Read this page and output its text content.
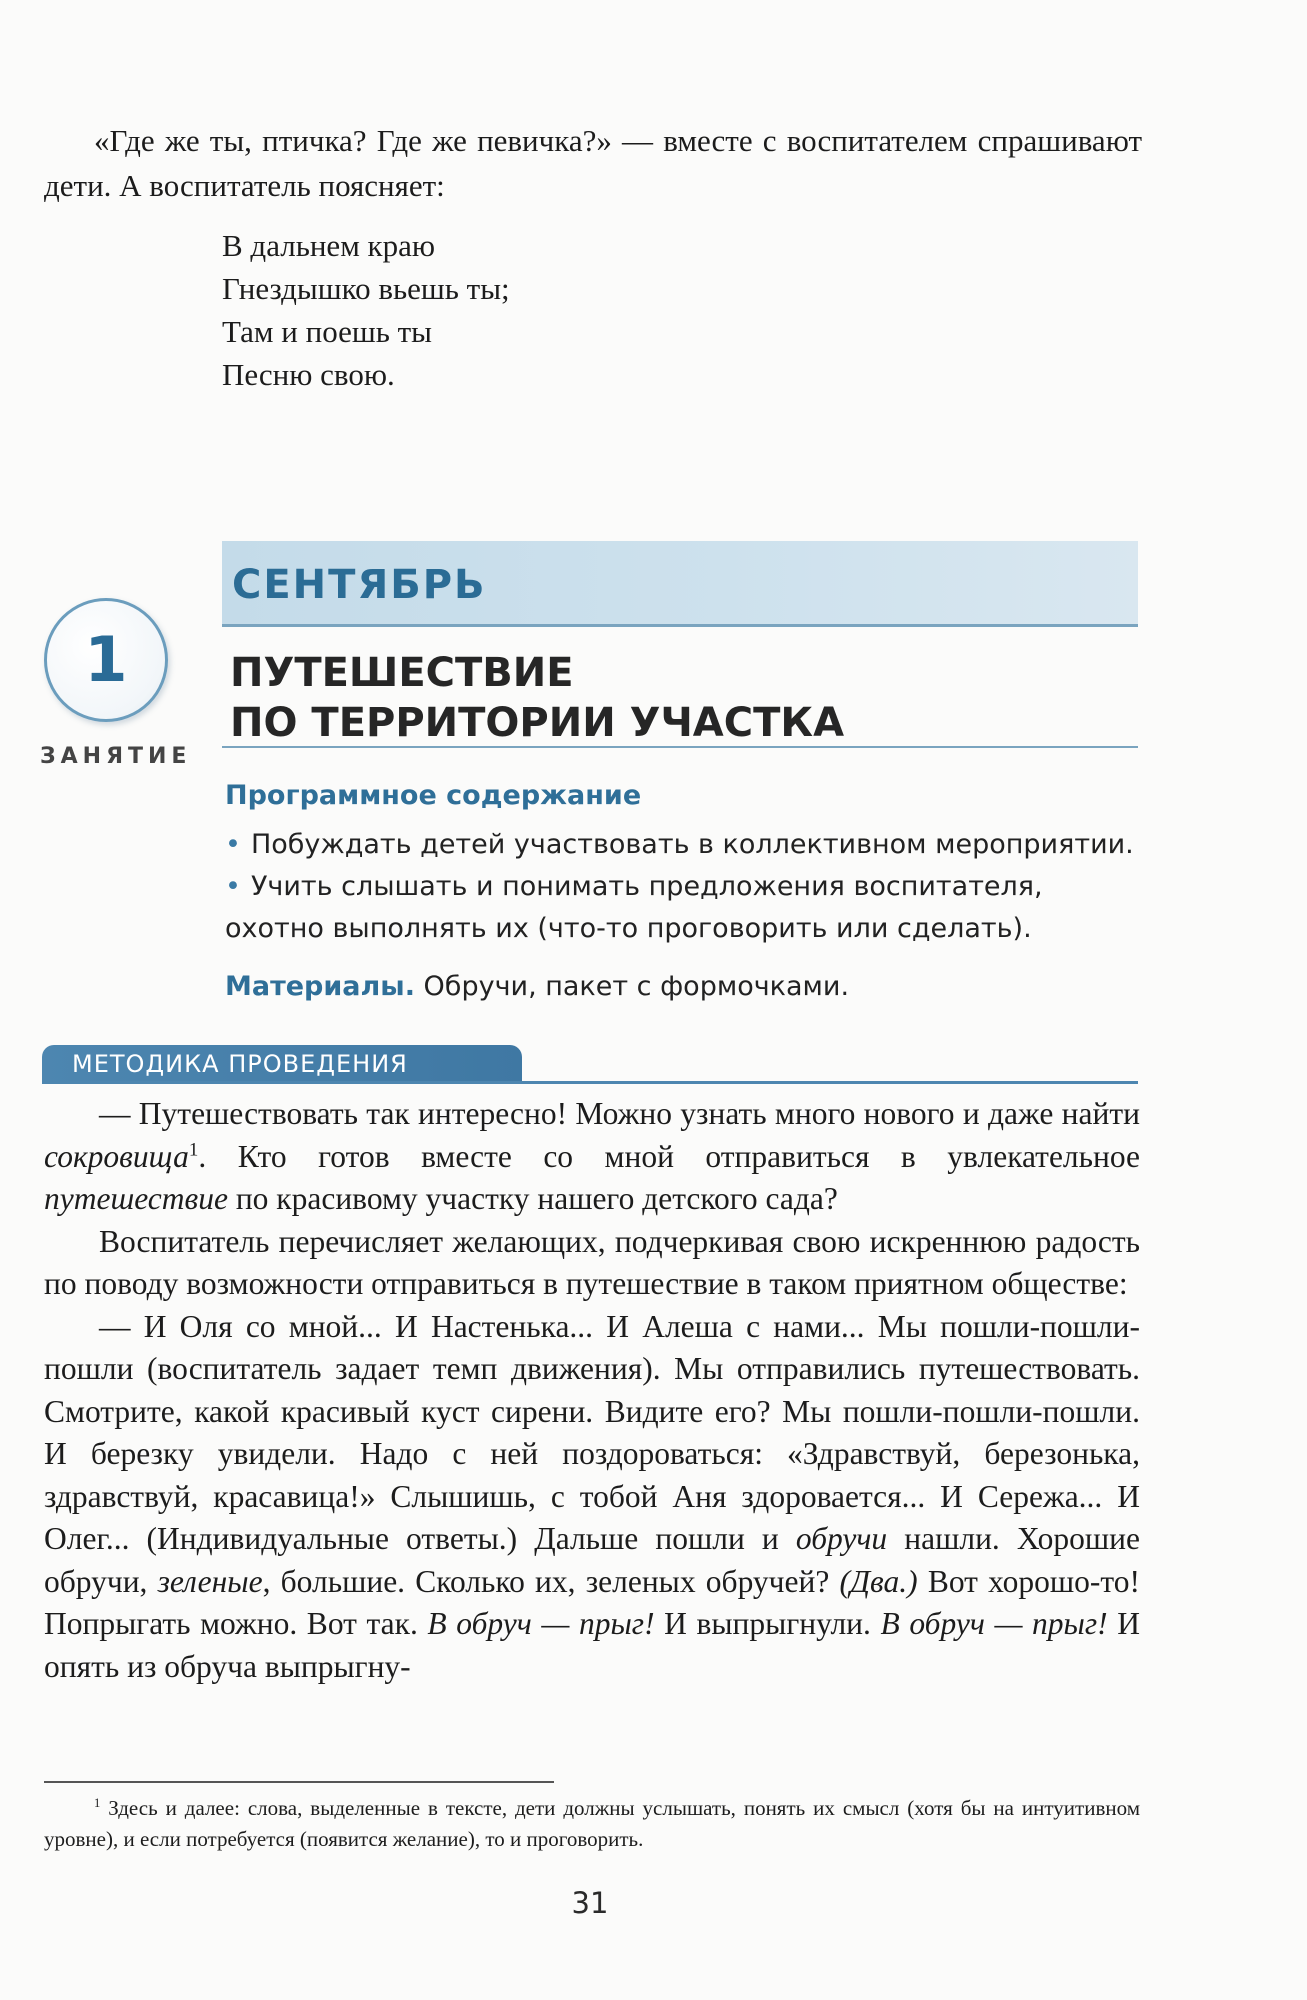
«Где же ты, птичка? Где же певичка?» — вместе с воспитателем спрашивают дети. А воспитатель поясняет:
В дальнем краю
Гнездышко вьешь ты;
Там и поешь ты
Песню свою.
СЕНТЯБРЬ
1
ЗАНЯТИЕ
ПУТЕШЕСТВИЕ
ПО ТЕРРИТОРИИ УЧАСТКА
Программное содержание
• Побуждать детей участвовать в коллективном мероприятии.
• Учить слышать и понимать предложения воспитателя, охотно выполнять их (что-то проговорить или сделать).
Материалы. Обручи, пакет с формочками.
МЕТОДИКА ПРОВЕДЕНИЯ

— Путешествовать так интересно! Можно узнать много нового и даже найти сокровища$^1$. Кто готов вместе со мной отправиться в увлекательное путешествие по красивому участку нашего детского сада?

Воспитатель перечисляет желающих, подчеркивая свою искреннюю радость по поводу возможности отправиться в путешествие в таком приятном обществе:

— И Оля со мной... И Настенька... И Алеша с нами... Мы пошли-пошли-пошли (воспитатель задает темп движения). Мы отправились путешествовать. Смотрите, какой красивый куст сирени. Видите его? Мы пошли-пошли-пошли. И березку увидели. Надо с ней поздороваться: «Здравствуй, березонька, здравствуй, красавица!» Слышишь, с тобой Аня здоровается... И Сережа... И Олег... (Индивидуальные ответы.) Дальше пошли и обручи нашли. Хорошие обручи, зеленые, большие. Сколько их, зеленых обручей? (Два.) Вот хорошо-то! Попрыгать можно. Вот так. В обруч — прыг! И выпрыгнули. В обруч — прыг! И опять из обруча выпрыгну-

$^1$ Здесь и далее: слова, выделенные в тексте, дети должны услышать, понять их смысл (хотя бы на интуитивном уровне), и если потребуется (появится желание), то и проговорить.
31
